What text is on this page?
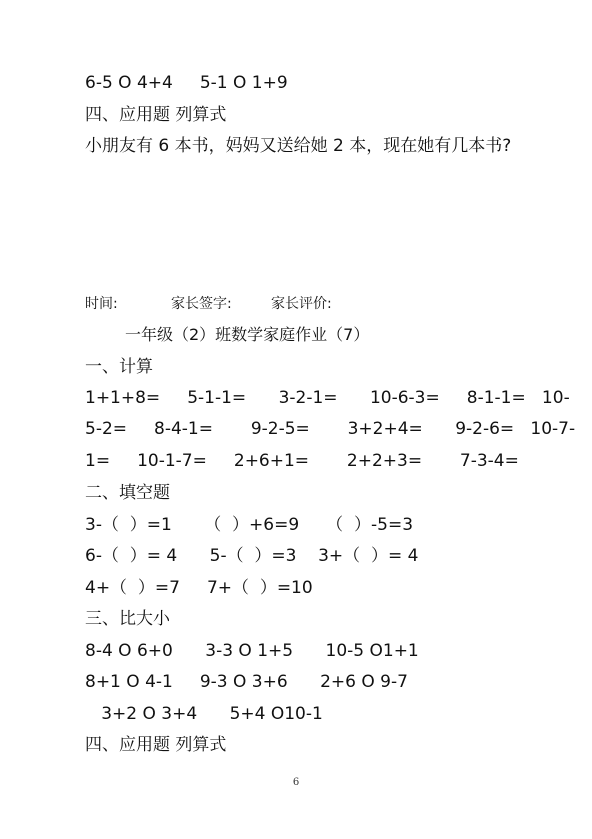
6-5 O 4+4     5-1 O 1+9
四、应用题 列算式
小朋友有 6 本书，妈妈又送给她 2 本，现在她有几本书?
时间:	家长签字:	家长评价:
一年级（2）班数学家庭作业（7）
一、计算
1+1+8=     5-1-1=      3-2-1=      10-6-3=     8-1-1=   10-
5-2=     8-4-1=       9-2-5=       3+2+4=      9-2-6=   10-7-
1=     10-1-7=     2+6+1=       2+2+3=       7-3-4=
二、填空题
3-（  ）=1      （  ）+6=9     （  ）-5=3
6-（  ）= 4      5-（  ）=3    3+（  ）= 4
4+（  ）=7     7+（  ）=10
三、比大小
8-4 O 6+0      3-3 O 1+5      10-5 O1+1
8+1 O 4-1     9-3 O 3+6      2+6 O 9-7
3+2 O 3+4      5+4 O10-1
四、应用题 列算式
6
